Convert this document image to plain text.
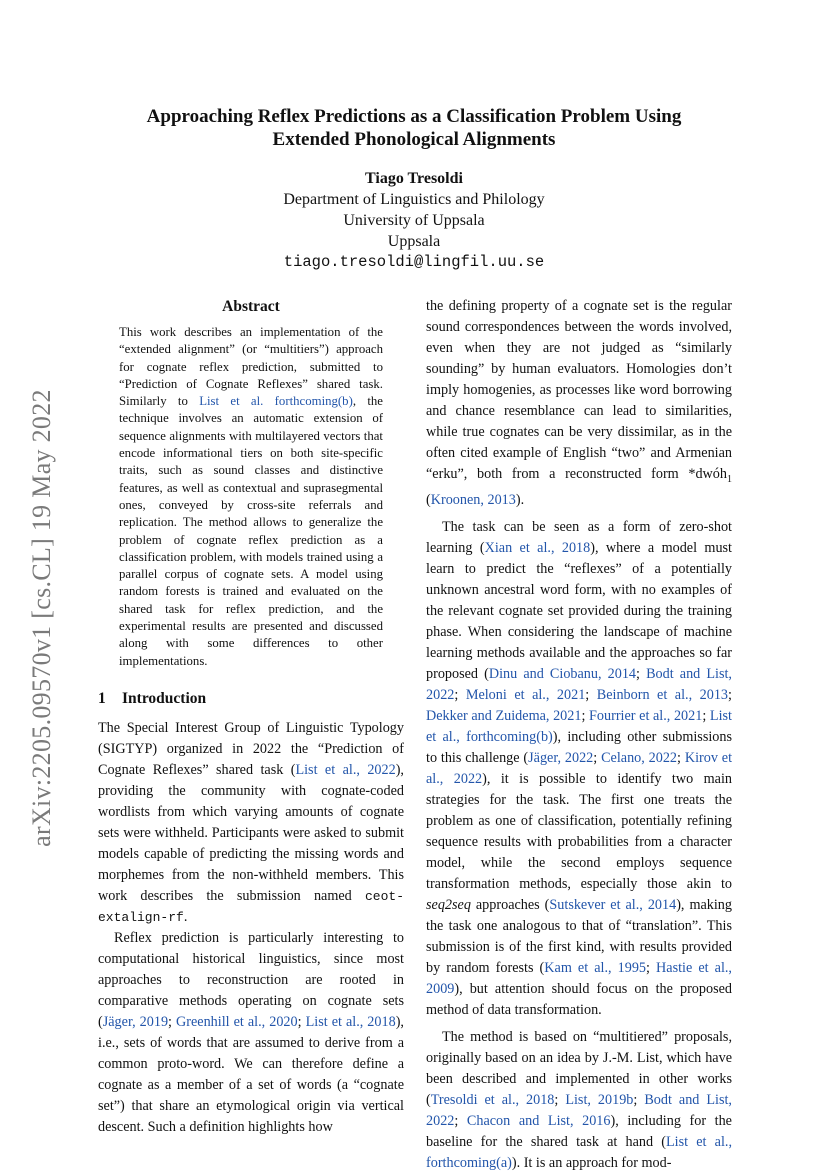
arXiv:2205.09570v1 [cs.CL] 19 May 2022
Approaching Reflex Predictions as a Classification Problem Using
Extended Phonological Alignments
Tiago Tresoldi
Department of Linguistics and Philology
University of Uppsala
Uppsala
tiago.tresoldi@lingfil.uu.se
Abstract
This work describes an implementation of the “extended alignment” (or “multitiers”) approach for cognate reflex prediction, submitted to “Prediction of Cognate Reflexes” shared task. Similarly to List et al. forthcoming(b), the technique involves an automatic extension of sequence alignments with multilayered vectors that encode informational tiers on both site-specific traits, such as sound classes and distinctive features, as well as contextual and suprasegmental ones, conveyed by cross-site referrals and replication. The method allows to generalize the problem of cognate reflex prediction as a classification problem, with models trained using a parallel corpus of cognate sets. A model using random forests is trained and evaluated on the shared task for reflex prediction, and the experimental results are presented and discussed along with some differences to other implementations.
1 Introduction

The Special Interest Group of Linguistic Typology (SIGTYP) organized in 2022 the “Prediction of Cognate Reflexes” shared task (List et al., 2022), providing the community with cognate-coded wordlists from which varying amounts of cognate sets were withheld. Participants were asked to submit models capable of predicting the missing words and morphemes from the non-withheld members. This work describes the submission named ceot-extalign-rf.

Reflex prediction is particularly interesting to computational historical linguistics, since most approaches to reconstruction are rooted in comparative methods operating on cognate sets (Jäger, 2019; Greenhill et al., 2020; List et al., 2018), i.e., sets of words that are assumed to derive from a common proto-word. We can therefore define a cognate as a member of a set of words (a “cognate set”) that share an etymological origin via vertical descent. Such a definition highlights how

the defining property of a cognate set is the regular sound correspondences between the words involved, even when they are not judged as “similarly sounding” by human evaluators. Homologies don’t imply homogenies, as processes like word borrowing and chance resemblance can lead to similarities, while true cognates can be very dissimilar, as in the often cited example of English “two” and Armenian “erku”, both from a reconstructed form *dwóh$_1$ (Kroonen, 2013).

The task can be seen as a form of zero-shot learning (Xian et al., 2018), where a model must learn to predict the “reflexes” of a potentially unknown ancestral word form, with no examples of the relevant cognate set provided during the training phase. When considering the landscape of machine learning methods available and the approaches so far proposed (Dinu and Ciobanu, 2014; Bodt and List, 2022; Meloni et al., 2021; Beinborn et al., 2013; Dekker and Zuidema, 2021; Fourrier et al., 2021; List et al., forthcoming(b)), including other submissions to this challenge (Jäger, 2022; Celano, 2022; Kirov et al., 2022), it is possible to identify two main strategies for the task. The first one treats the problem as one of classification, potentially refining sequence results with probabilities from a character model, while the second employs sequence transformation methods, especially those akin to seq2seq approaches (Sutskever et al., 2014), making the task one analogous to that of “translation”. This submission is of the first kind, with results provided by random forests (Kam et al., 1995; Hastie et al., 2009), but attention should focus on the proposed method of data transformation.

The method is based on “multitiered” proposals, originally based on an idea by J.-M. List, which have been described and implemented in other works (Tresoldi et al., 2018; List, 2019b; Bodt and List, 2022; Chacon and List, 2016), including for the baseline for the shared task at hand (List et al., forthcoming(a)). It is an approach for mod-
